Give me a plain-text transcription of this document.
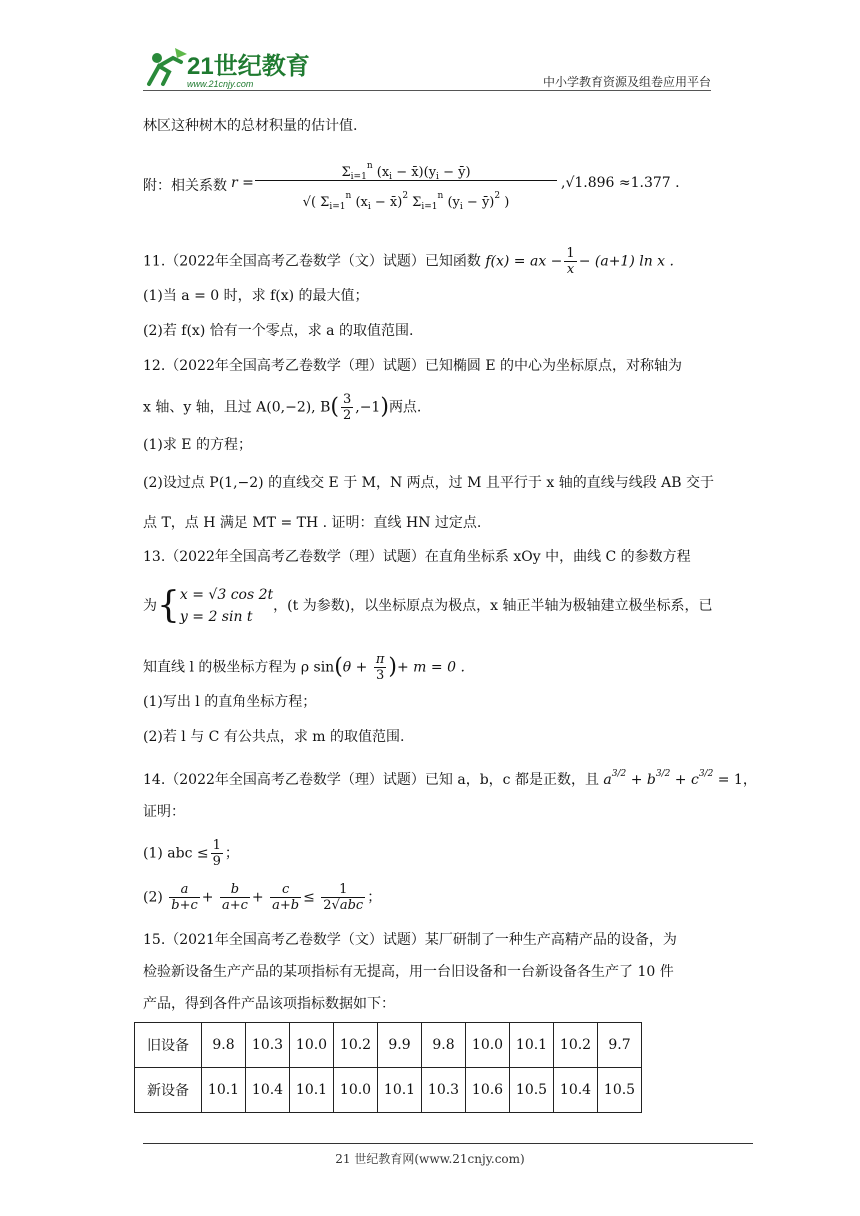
21世纪教育
www.21cnjy.com	中小学教育资源及组卷应用平台
林区这种树木的总材积量的估计值.
附：相关系数 $r = \frac{\Sigma_{i=1}^n (x_i - x̄)(y_i - ȳ)}{√( \Sigma_{i=1}^n (x_i - x̄)^2 \Sigma_{i=1}^n (y_i - ȳ)^2 )} ,√1.896 \approx 1.377$ .
11.（2022年全国高考乙卷数学（文）试题）已知函数 f(x) = ax − $\frac{1}{x} - (a+1)$ ln x .
(1)当 a = 0 时，求 f(x) 的最大值；
(2)若 f(x) 恰有一个零点，求 a 的取值范围.
12.（2022年全国高考乙卷数学（理）试题）已知椭圆 E 的中心为坐标原点，对称轴为
x 轴、y 轴，且过 A(0,−2), $B( \frac{3}{2} ,-1)$两点.
(1)求 E 的方程；
(2)设过点 P(1,−2) 的直线交 E 于 M，N 两点，过 M 且平行于 x 轴的直线与线段 AB 交于
点 T，点 H 满足 MT = TH . 证明：直线 HN 过定点.
13.（2022年全国高考乙卷数学（理）试题）在直角坐标系 xOy 中，曲线 C 的参数方程
为{x = √3 cos 2t
y = 2 sin t，(t 为参数)，以坐标原点为极点，x 轴正半轴为极轴建立极坐标系，已
知直线 l 的极坐标方程为 ρ $\sin(\theta + \frac{\pi}{3}$ )+ m = 0 .
(1)写出 l 的直角坐标方程；
(2)若 l 与 C 有公共点，求 m 的取值范围.
14.（2022年全国高考乙卷数学（理）试题）已知 a，b，c 都是正数，且 $a^{3/2} + b^{3/2} + c^{3/2} = 1$，
证明：
(1) abc ≤ $\frac{1}{9}$ ；
$(2) \frac{a}{b+c} + \frac{b}{a+c} + \frac{c}{a+b} \le \frac{1}{\text{2√abc}}$ ；
15.（2021年全国高考乙卷数学（文）试题）某厂研制了一种生产高精产品的设备，为
检验新设备生产产品的某项指标有无提高，用一台旧设备和一台新设备各生产了 10 件
产品，得到各件产品该项指标数据如下：
旧设备	9.8	10.3	10.0	10.2	9.9	9.8	10.0	10.1	10.2	9.7
新设备	10.1	10.4	10.1	10.0	10.1	10.3	10.6	10.5	10.4	10.5
21 世纪教育网(www.21cnjy.com)
